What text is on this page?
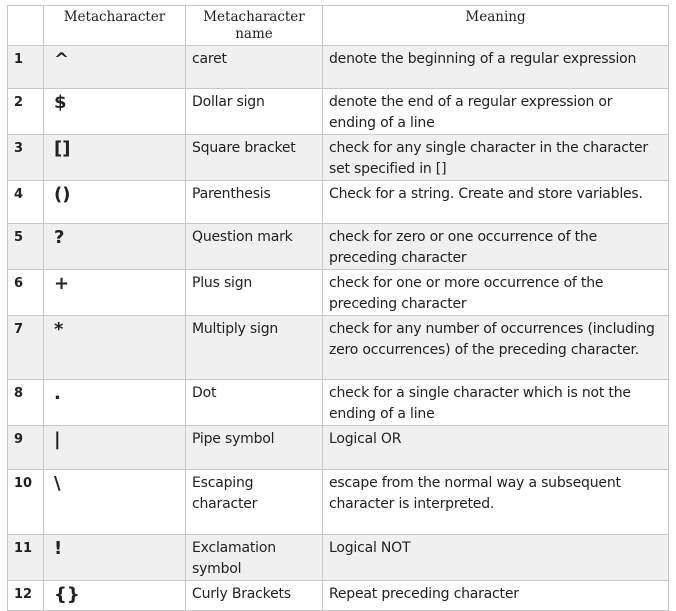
	Metacharacter	Metacharacter name	Meaning
1	^	caret	denote the beginning of a regular expression
2	$	Dollar sign	denote the end of a regular expression or ending of a line
3	[]	Square bracket	check for any single character in the character set specified in []
4	()	Parenthesis	Check for a string. Create and store variables.
5	?	Question mark	check for zero or one occurrence of the preceding character
6	+	Plus sign	check for one or more occurrence of the preceding character
7	*	Multiply sign	check for any number of occurrences (including zero occurrences) of the preceding character.
8	.	Dot	check for a single character which is not the ending of a line
9	|	Pipe symbol	Logical OR
10	\	Escaping character	escape from the normal way a subsequent character is interpreted.
11	!	Exclamation symbol	Logical NOT
12	{}	Curly Brackets	Repeat preceding character
